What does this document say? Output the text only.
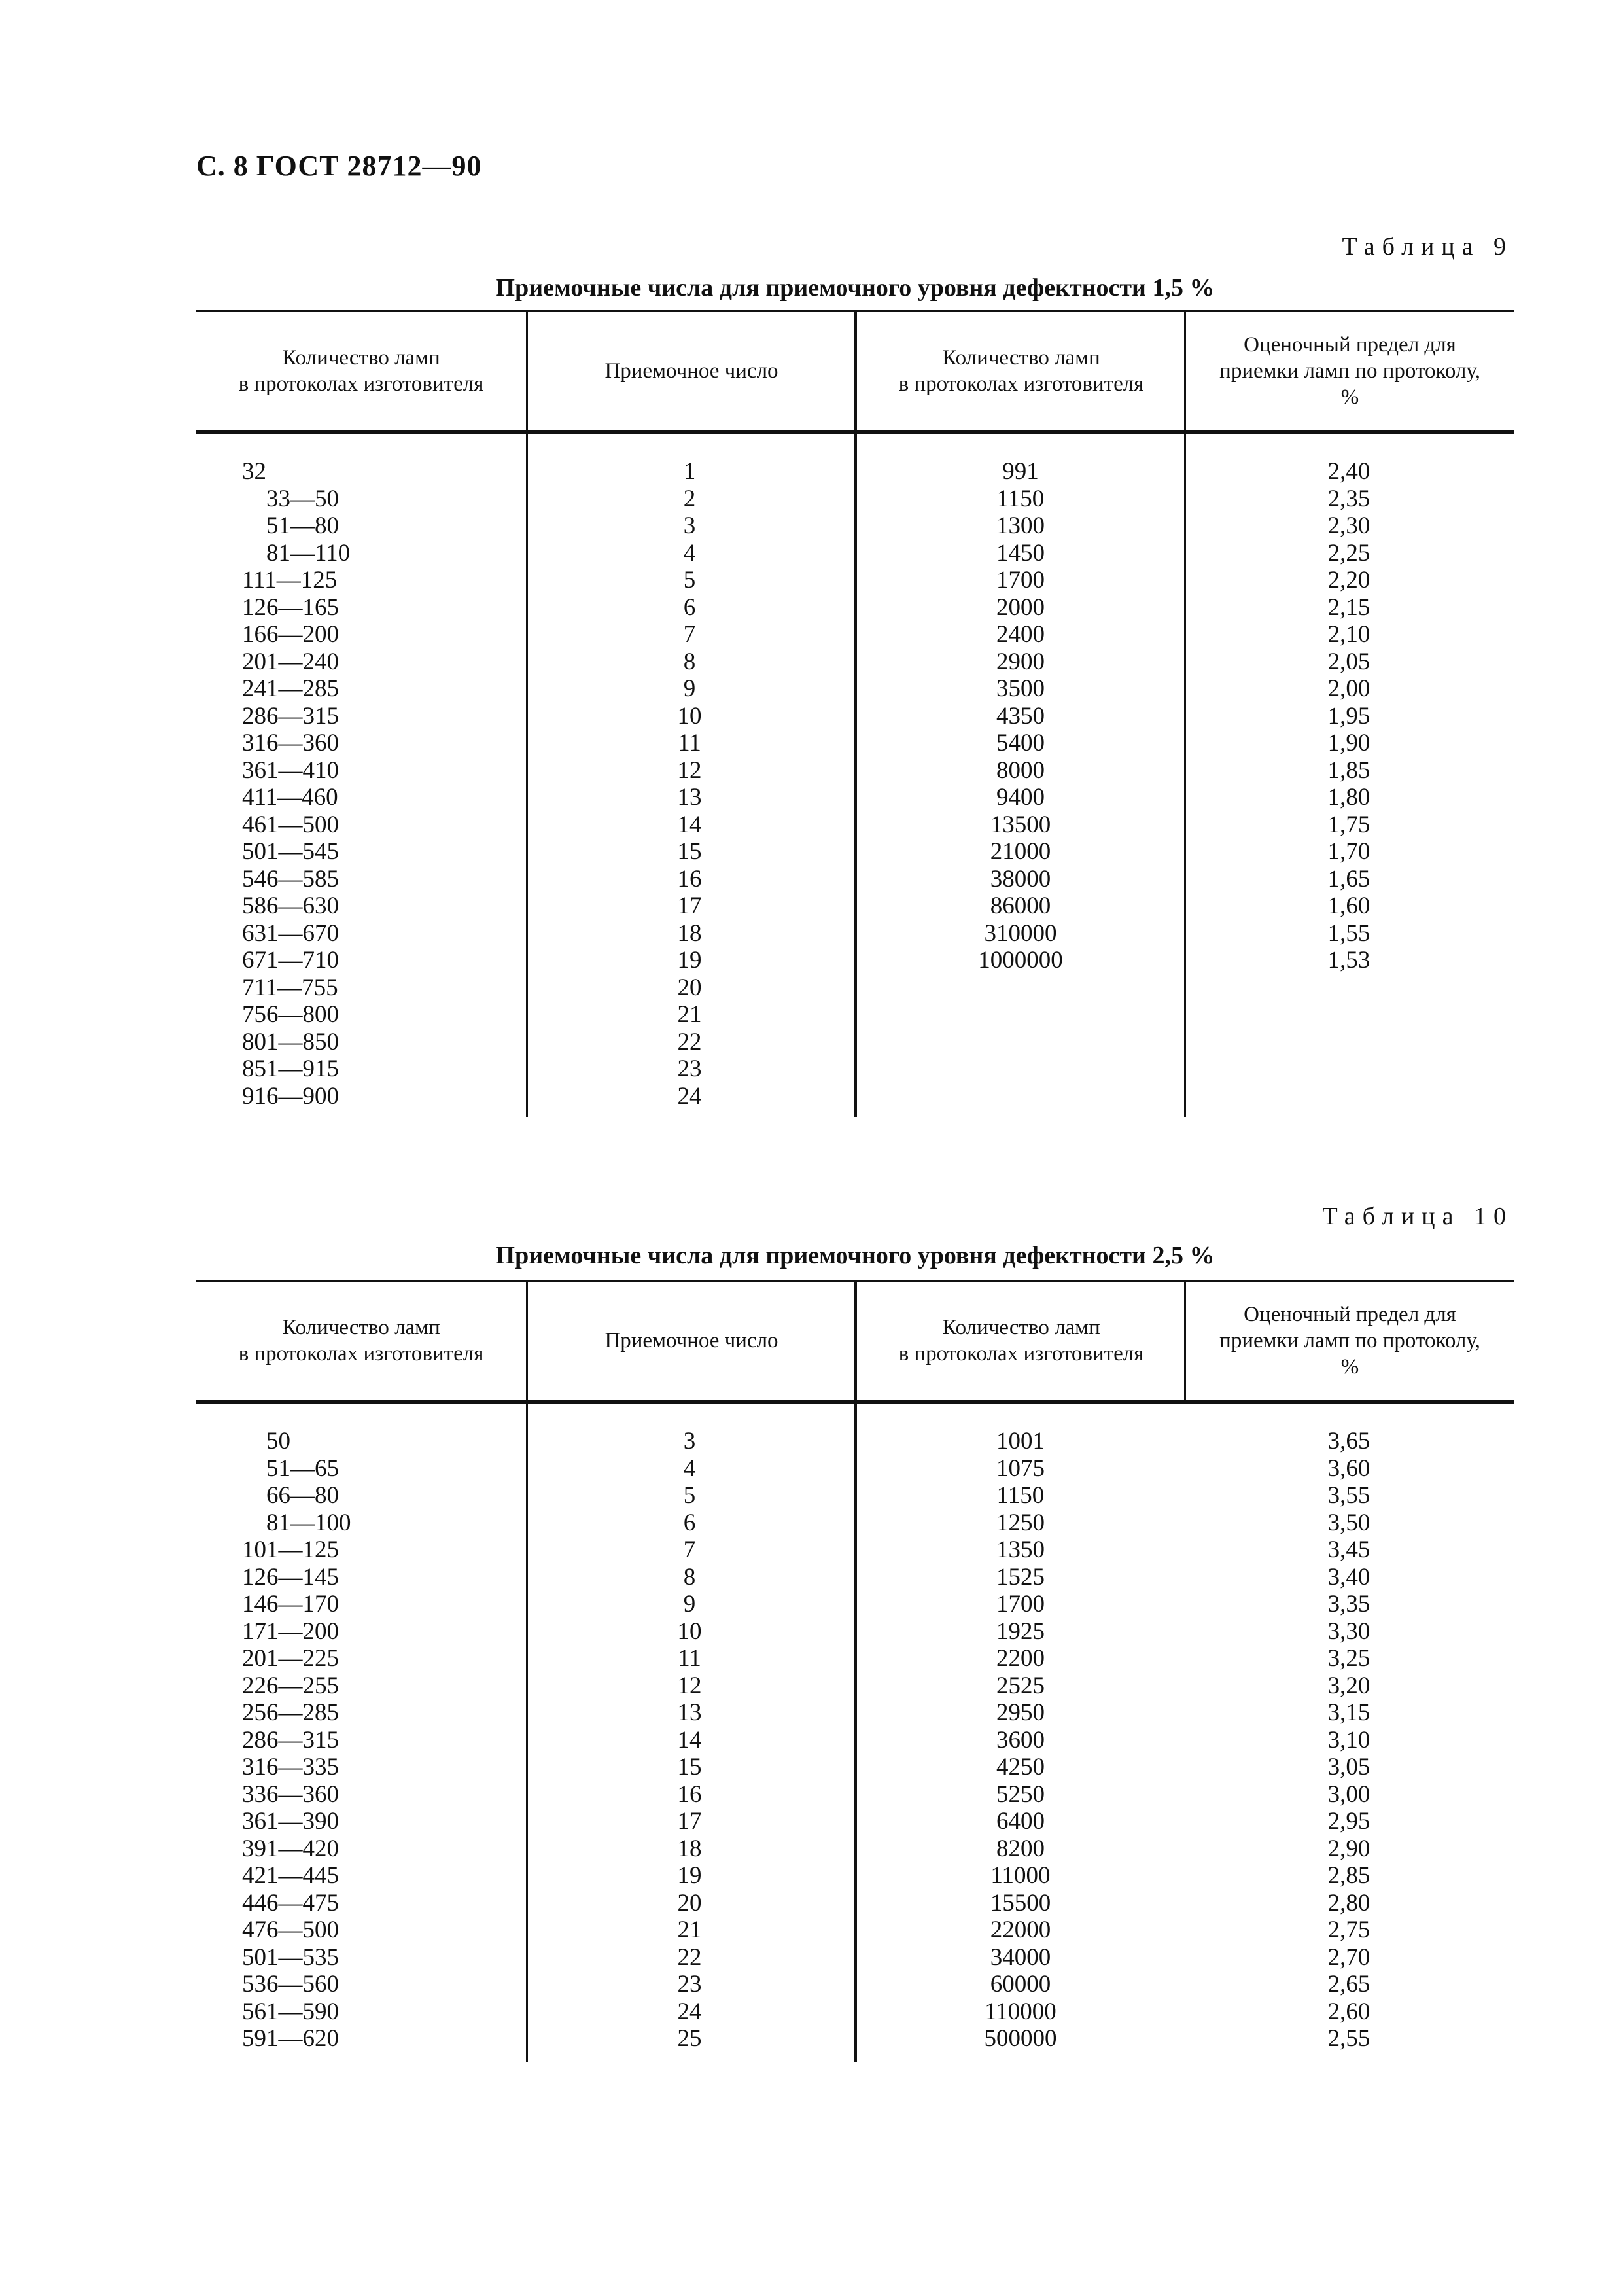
С. 8 ГОСТ 28712—90
Таблица 9
Приемочные числа для приемочного уровня дефектности 1,5 %
Количество ламп
в протоколах изготовителя
Приемочное число
Количество ламп
в протоколах изготовителя
Оценочный предел для
приемки ламп по протоколу,
%
32
33—50
51—80
81—110
111—125
126—165
166—200
201—240
241—285
286—315
316—360
361—410
411—460
461—500
501—545
546—585
586—630
631—670
671—710
711—755
756—800
801—850
851—915
916—900
1
2
3
4
5
6
7
8
9
10
11
12
13
14
15
16
17
18
19
20
21
22
23
24
991
1150
1300
1450
1700
2000
2400
2900
3500
4350
5400
8000
9400
13500
21000
38000
86000
310000
1000000
2,40
2,35
2,30
2,25
2,20
2,15
2,10
2,05
2,00
1,95
1,90
1,85
1,80
1,75
1,70
1,65
1,60
1,55
1,53
Таблица 10
Приемочные числа для приемочного уровня дефектности 2,5 %
Количество ламп
в протоколах изготовителя
Приемочное число
Количество ламп
в протоколах изготовителя
Оценочный предел для
приемки ламп по протоколу,
%
50
51—65
66—80
81—100
101—125
126—145
146—170
171—200
201—225
226—255
256—285
286—315
316—335
336—360
361—390
391—420
421—445
446—475
476—500
501—535
536—560
561—590
591—620
3
4
5
6
7
8
9
10
11
12
13
14
15
16
17
18
19
20
21
22
23
24
25
1001
1075
1150
1250
1350
1525
1700
1925
2200
2525
2950
3600
4250
5250
6400
8200
11000
15500
22000
34000
60000
110000
500000
3,65
3,60
3,55
3,50
3,45
3,40
3,35
3,30
3,25
3,20
3,15
3,10
3,05
3,00
2,95
2,90
2,85
2,80
2,75
2,70
2,65
2,60
2,55
